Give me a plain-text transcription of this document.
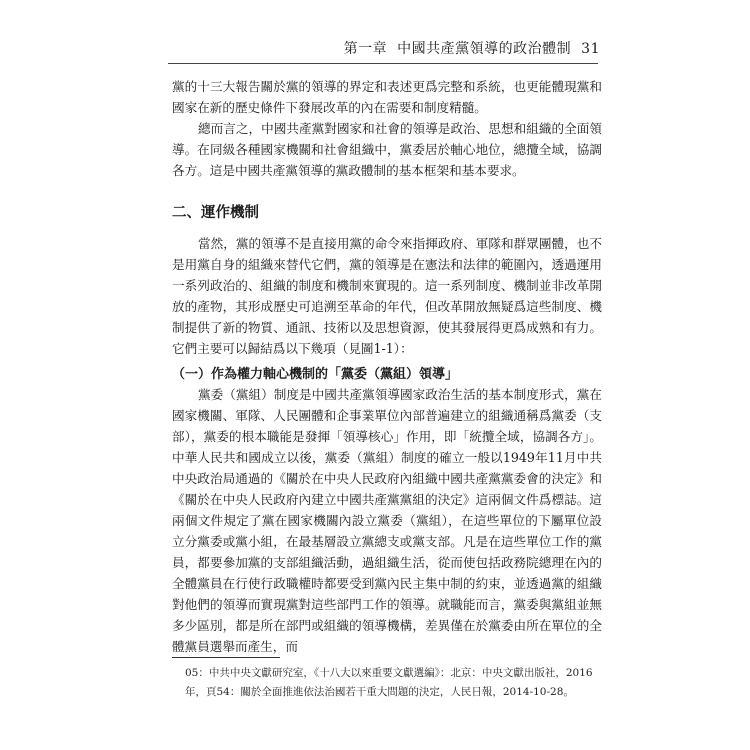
第一章 中國共產黨領導的政治體制 31

黨的十三大報告關於黨的領導的界定和表述更爲完整和系統，也更能體現黨和國家在新的歷史條件下發展改革的內在需要和制度精髓。

總而言之，中國共產黨對國家和社會的領導是政治、思想和組織的全面領導。在同級各種國家機關和社會組織中，黨委居於軸心地位，總攬全域，協調各方。這是中國共產黨領導的黨政體制的基本框架和基本要求。

二、運作機制

當然，黨的領導不是直接用黨的命令來指揮政府、軍隊和群眾團體，也不是用黨自身的組織來替代它們，黨的領導是在憲法和法律的範圍內，透過運用一系列政治的、組織的制度和機制來實現的。這一系列制度、機制並非改革開放的產物，其形成歷史可追溯至革命的年代，但改革開放無疑爲這些制度、機制提供了新的物質、通訊、技術以及思想資源，使其發展得更爲成熟和有力。它們主要可以歸結爲以下幾項（見圖1-1）：

（一）作為權力軸心機制的「黨委（黨組）領導」

黨委（黨組）制度是中國共產黨領導國家政治生活的基本制度形式，黨在國家機關、軍隊、人民團體和企事業單位內部普遍建立的組織通稱爲黨委（支部），黨委的根本職能是發揮「領導核心」作用，即「統攬全域，協調各方」。中華人民共和國成立以後，黨委（黨組）制度的確立一般以1949年11月中共中央政治局通過的《關於在中央人民政府內組織中國共產黨黨委會的決定》和《關於在中央人民政府內建立中國共產黨黨組的決定》這兩個文件爲標誌。這兩個文件規定了黨在國家機關內設立黨委（黨組），在這些單位的下屬單位設立分黨委或黨小組，在最基層設立黨總支或黨支部。凡是在這些單位工作的黨員，都要參加黨的支部組織活動，過組織生活，從而使包括政務院總理在內的全體黨員在行使行政職權時都要受到黨內民主集中制的約束，並透過黨的組織對他們的領導而實現黨對這些部門工作的領導。就職能而言，黨委與黨組並無多少區別，都是所在部門或組織的領導機構，差異僅在於黨委由所在單位的全體黨員選舉而產生，而

05：中共中央文獻研究室，《十八大以來重要文獻選編》：北京：中央文獻出版社，2016

年，頁54：關於全面推進依法治國若干重大問題的決定，人民日報，2014-10-28。
